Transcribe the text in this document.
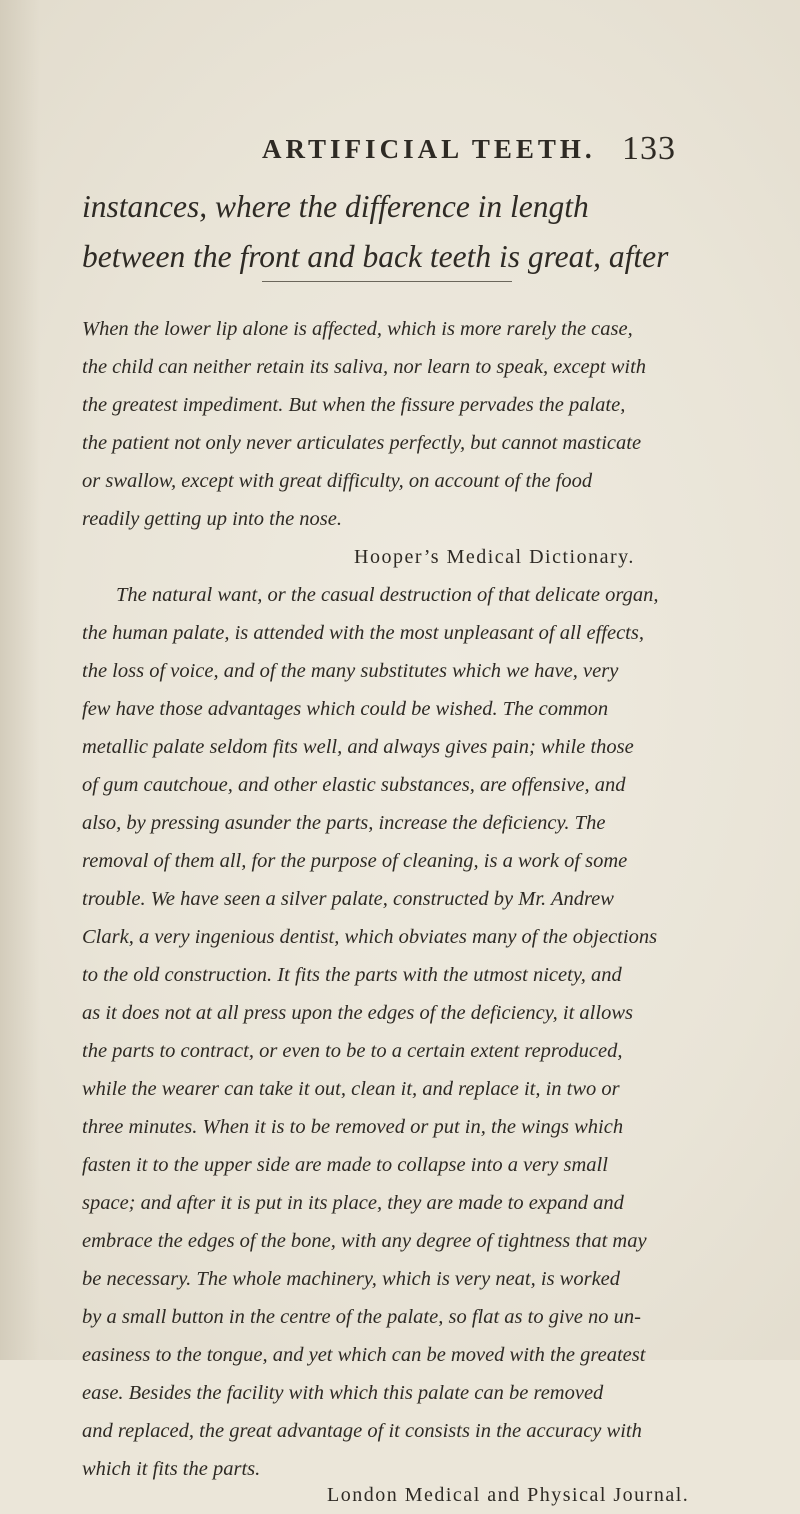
ARTIFICIAL TEETH. 133

instances, where the difference in length

between the front and back teeth is great, after

When the lower lip alone is affected, which is more rarely the case,
the child can neither retain its saliva, nor learn to speak, except with
the greatest impediment. But when the fissure pervades the palate,
the patient not only never articulates perfectly, but cannot masticate
or swallow, except with great difficulty, on account of the food
readily getting up into the nose.
Hooper’s Medical Dictionary.
The natural want, or the casual destruction of that delicate organ,
the human palate, is attended with the most unpleasant of all effects,
the loss of voice, and of the many substitutes which we have, very
few have those advantages which could be wished. The common
metallic palate seldom fits well, and always gives pain; while those
of gum cautchoue, and other elastic substances, are offensive, and
also, by pressing asunder the parts, increase the deficiency. The
removal of them all, for the purpose of cleaning, is a work of some
trouble. We have seen a silver palate, constructed by Mr. Andrew
Clark, a very ingenious dentist, which obviates many of the objections
to the old construction. It fits the parts with the utmost nicety, and
as it does not at all press upon the edges of the deficiency, it allows
the parts to contract, or even to be to a certain extent reproduced,
while the wearer can take it out, clean it, and replace it, in two or
three minutes. When it is to be removed or put in, the wings which
fasten it to the upper side are made to collapse into a very small
space; and after it is put in its place, they are made to expand and
embrace the edges of the bone, with any degree of tightness that may
be necessary. The whole machinery, which is very neat, is worked
by a small button in the centre of the palate, so flat as to give no un-
easiness to the tongue, and yet which can be moved with the greatest
ease. Besides the facility with which this palate can be removed
and replaced, the great advantage of it consists in the accuracy with
which it fits the parts.
London Medical and Physical Journal.
